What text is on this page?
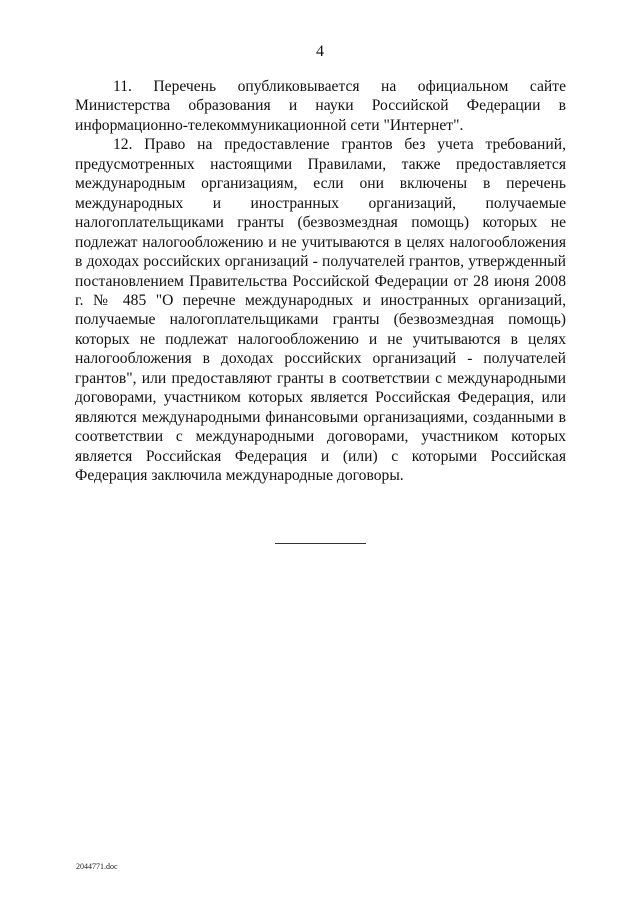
4

11. Перечень опубликовывается на официальном сайте Министерства образования и науки Российской Федерации в информационно-телекоммуникационной сети "Интернет".

12. Право на предоставление грантов без учета требований, предусмотренных настоящими Правилами, также предоставляется международным организациям, если они включены в перечень международных и иностранных организаций, получаемые налогоплательщиками гранты (безвозмездная помощь) которых не подлежат налогообложению и не учитываются в целях налогообложения в доходах российских организаций - получателей грантов, утвержденный постановлением Правительства Российской Федерации от 28 июня 2008 г. № 485 "О перечне международных и иностранных организаций, получаемые налогоплательщиками гранты (безвозмездная помощь) которых не подлежат налогообложению и не учитываются в целях налогообложения в доходах российских организаций - получателей грантов", или предоставляют гранты в соответствии с международными договорами, участником которых является Российская Федерация, или являются международными финансовыми организациями, созданными в соответствии с международными договорами, участником которых является Российская Федерация и (или) с которыми Российская Федерация заключила международные договоры.

2044771.doc
